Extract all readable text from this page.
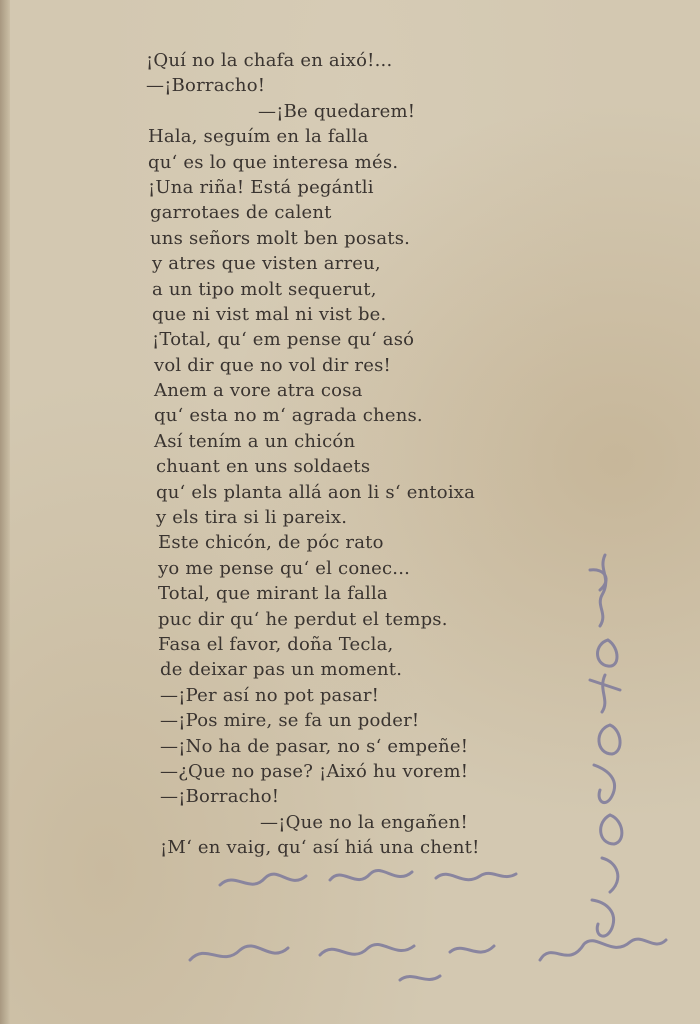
¡Quí no la chafa en aixó!...
—¡Borracho!
—¡Be quedarem!
Hala, seguím en la falla
qu‘ es lo que interesa més.
¡Una riña! Está pegántli
garrotaes de calent
uns señors molt ben posats.
y atres que visten arreu,
a un tipo molt sequerut,
que ni vist mal ni vist be.
¡Total, qu‘ em pense qu‘ asó
vol dir que no vol dir res!
Anem a vore atra cosa
qu‘ esta no m‘ agrada chens.
Así tením a un chicón
chuant en uns soldaets
qu‘ els planta allá aon li s‘ entoixa
y els tira si li pareix.
Este chicón, de póc rato
yo me pense qu‘ el conec...
Total, que mirant la falla
puc dir qu‘ he perdut el temps.
Fasa el favor, doña Tecla,
de deixar pas un moment.
—¡Per así no pot pasar!
—¡Pos mire, se fa un poder!
—¡No ha de pasar, no s‘ empeñe!
—¿Que no pase? ¡Aixó hu vorem!
—¡Borracho!
—¡Que no la engañen!
¡M‘ en vaig, qu‘ así hiá una chent!
